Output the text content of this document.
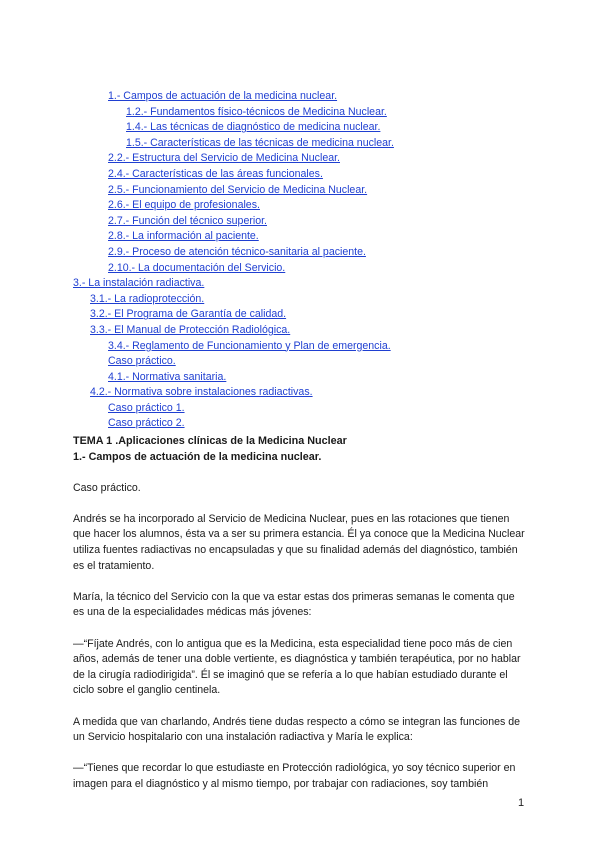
1.- Campos de actuación de la medicina nuclear.
1.2.- Fundamentos físico-técnicos de Medicina Nuclear.
1.4.- Las técnicas de diagnóstico de medicina nuclear.
1.5.- Características de las técnicas de medicina nuclear.
2.2.- Estructura del Servicio de Medicina Nuclear.
2.4.- Características de las áreas funcionales.
2.5.- Funcionamiento del Servicio de Medicina Nuclear.
2.6.- El equipo de profesionales.
2.7.- Función del técnico superior.
2.8.- La información al paciente.
2.9.- Proceso de atención técnico-sanitaria al paciente.
2.10.- La documentación del Servicio.
3.- La instalación radiactiva.
3.1.- La radioprotección.
3.2.- El Programa de Garantía de calidad.
3.3.- El Manual de Protección Radiológica.
3.4.- Reglamento de Funcionamiento y Plan de emergencia.
Caso práctico.
4.1.- Normativa sanitaria.
4.2.- Normativa sobre instalaciones radiactivas.
Caso práctico 1.
Caso práctico 2.

TEMA 1 .Aplicaciones clínicas de la Medicina Nuclear

1.- Campos de actuación de la medicina nuclear.

Caso práctico.

Andrés se ha incorporado al Servicio de Medicina Nuclear, pues en las rotaciones que tienen que hacer los alumnos, ésta va a ser su primera estancia. Él ya conoce que la Medicina Nuclear utiliza fuentes radiactivas no encapsuladas y que su finalidad además del diagnóstico, también es el tratamiento.

María, la técnico del Servicio con la que va estar estas dos primeras semanas le comenta que es una de la especialidades médicas más jóvenes:

—“Fíjate Andrés, con lo antigua que es la Medicina, esta especialidad tiene poco más de cien años, además de tener una doble vertiente, es diagnóstica y también terapéutica, por no hablar de la cirugía radiodirigida”. Él se imaginó que se refería a lo que habían estudiado durante el ciclo sobre el ganglio centinela.

A medida que van charlando, Andrés tiene dudas respecto a cómo se integran las funciones de un Servicio hospitalario con una instalación radiactiva y María le explica:

—“Tienes que recordar lo que estudiaste en Protección radiológica, yo soy técnico superior en imagen para el diagnóstico y al mismo tiempo, por trabajar con radiaciones, soy también

1
